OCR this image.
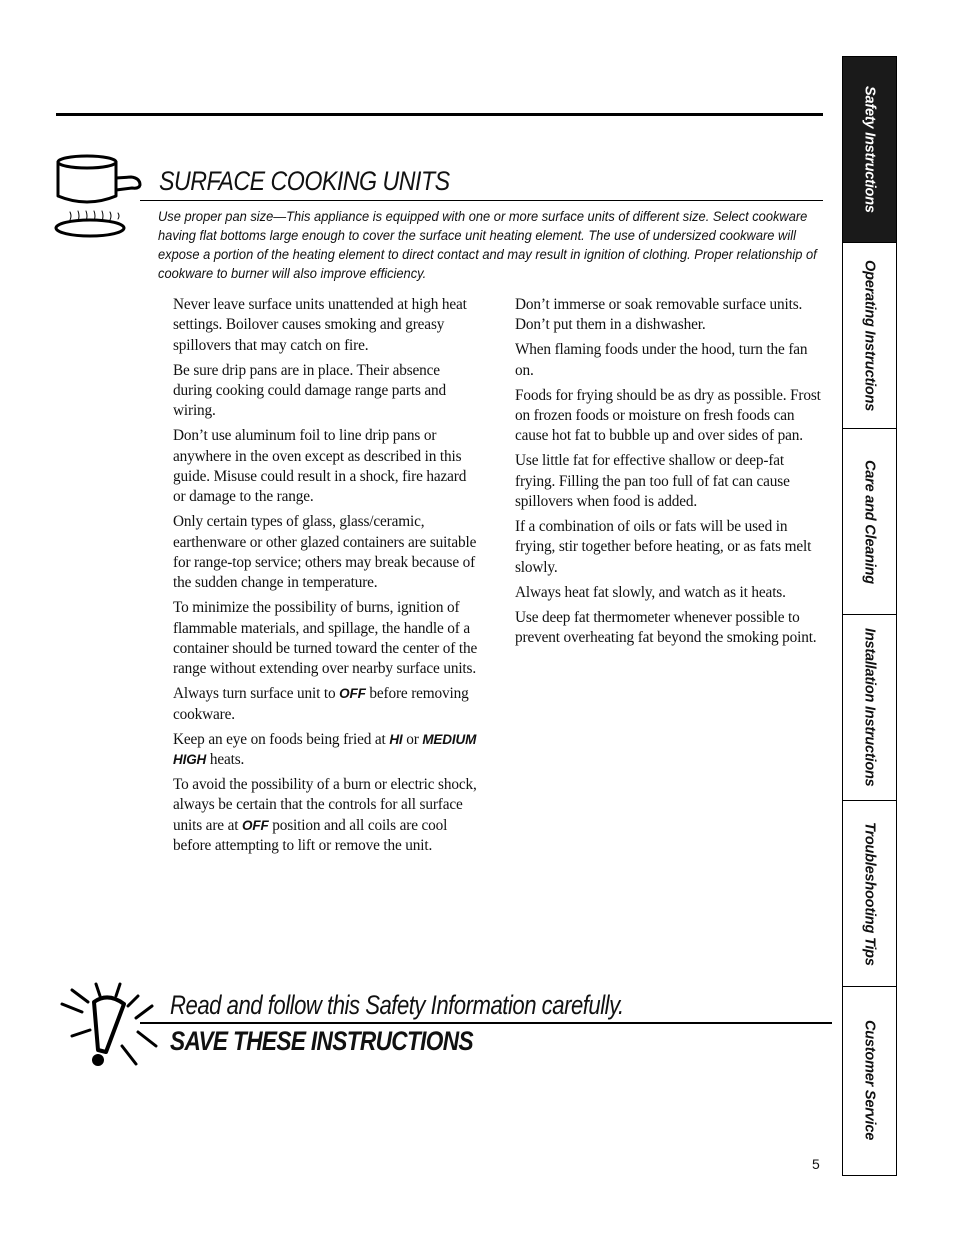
SURFACE COOKING UNITS
Use proper pan size—This appliance is equipped with one or more surface units of different size. Select cookware having flat bottoms large enough to cover the surface unit heating element. The use of undersized cookware will expose a portion of the heating element to direct contact and may result in ignition of clothing. Proper relationship of cookware to burner will also improve efficiency.

Never leave surface units unattended at high heat settings. Boilover causes smoking and greasy spillovers that may catch on fire.

Be sure drip pans are in place. Their absence during cooking could damage range parts and wiring.

Don’t use aluminum foil to line drip pans or anywhere in the oven except as described in this guide. Misuse could result in a shock, fire hazard or damage to the range.

Only certain types of glass, glass/ceramic, earthenware or other glazed containers are suitable for range-top service; others may break because of the sudden change in temperature.

To minimize the possibility of burns, ignition of flammable materials, and spillage, the handle of a container should be turned toward the center of the range without extending over nearby surface units.

Always turn surface unit to OFF before removing cookware.

Keep an eye on foods being fried at HI or MEDIUM HIGH heats.

To avoid the possibility of a burn or electric shock, always be certain that the controls for all surface units are at OFF position and all coils are cool before attempting to lift or remove the unit.

Don’t immerse or soak removable surface units. Don’t put them in a dishwasher.

When flaming foods under the hood, turn the fan on.

Foods for frying should be as dry as possible. Frost on frozen foods or moisture on fresh foods can cause hot fat to bubble up and over sides of pan.

Use little fat for effective shallow or deep-fat frying. Filling the pan too full of fat can cause spillovers when food is added.

If a combination of oils or fats will be used in frying, stir together before heating, or as fats melt slowly.

Always heat fat slowly, and watch as it heats.

Use deep fat thermometer whenever possible to prevent overheating fat beyond the smoking point.

Read and follow this Safety Information carefully.
SAVE THESE INSTRUCTIONS
5
Safety Instructions
Operating Instructions
Care and Cleaning
Installation Instructions
Troubleshooting Tips
Customer Service
